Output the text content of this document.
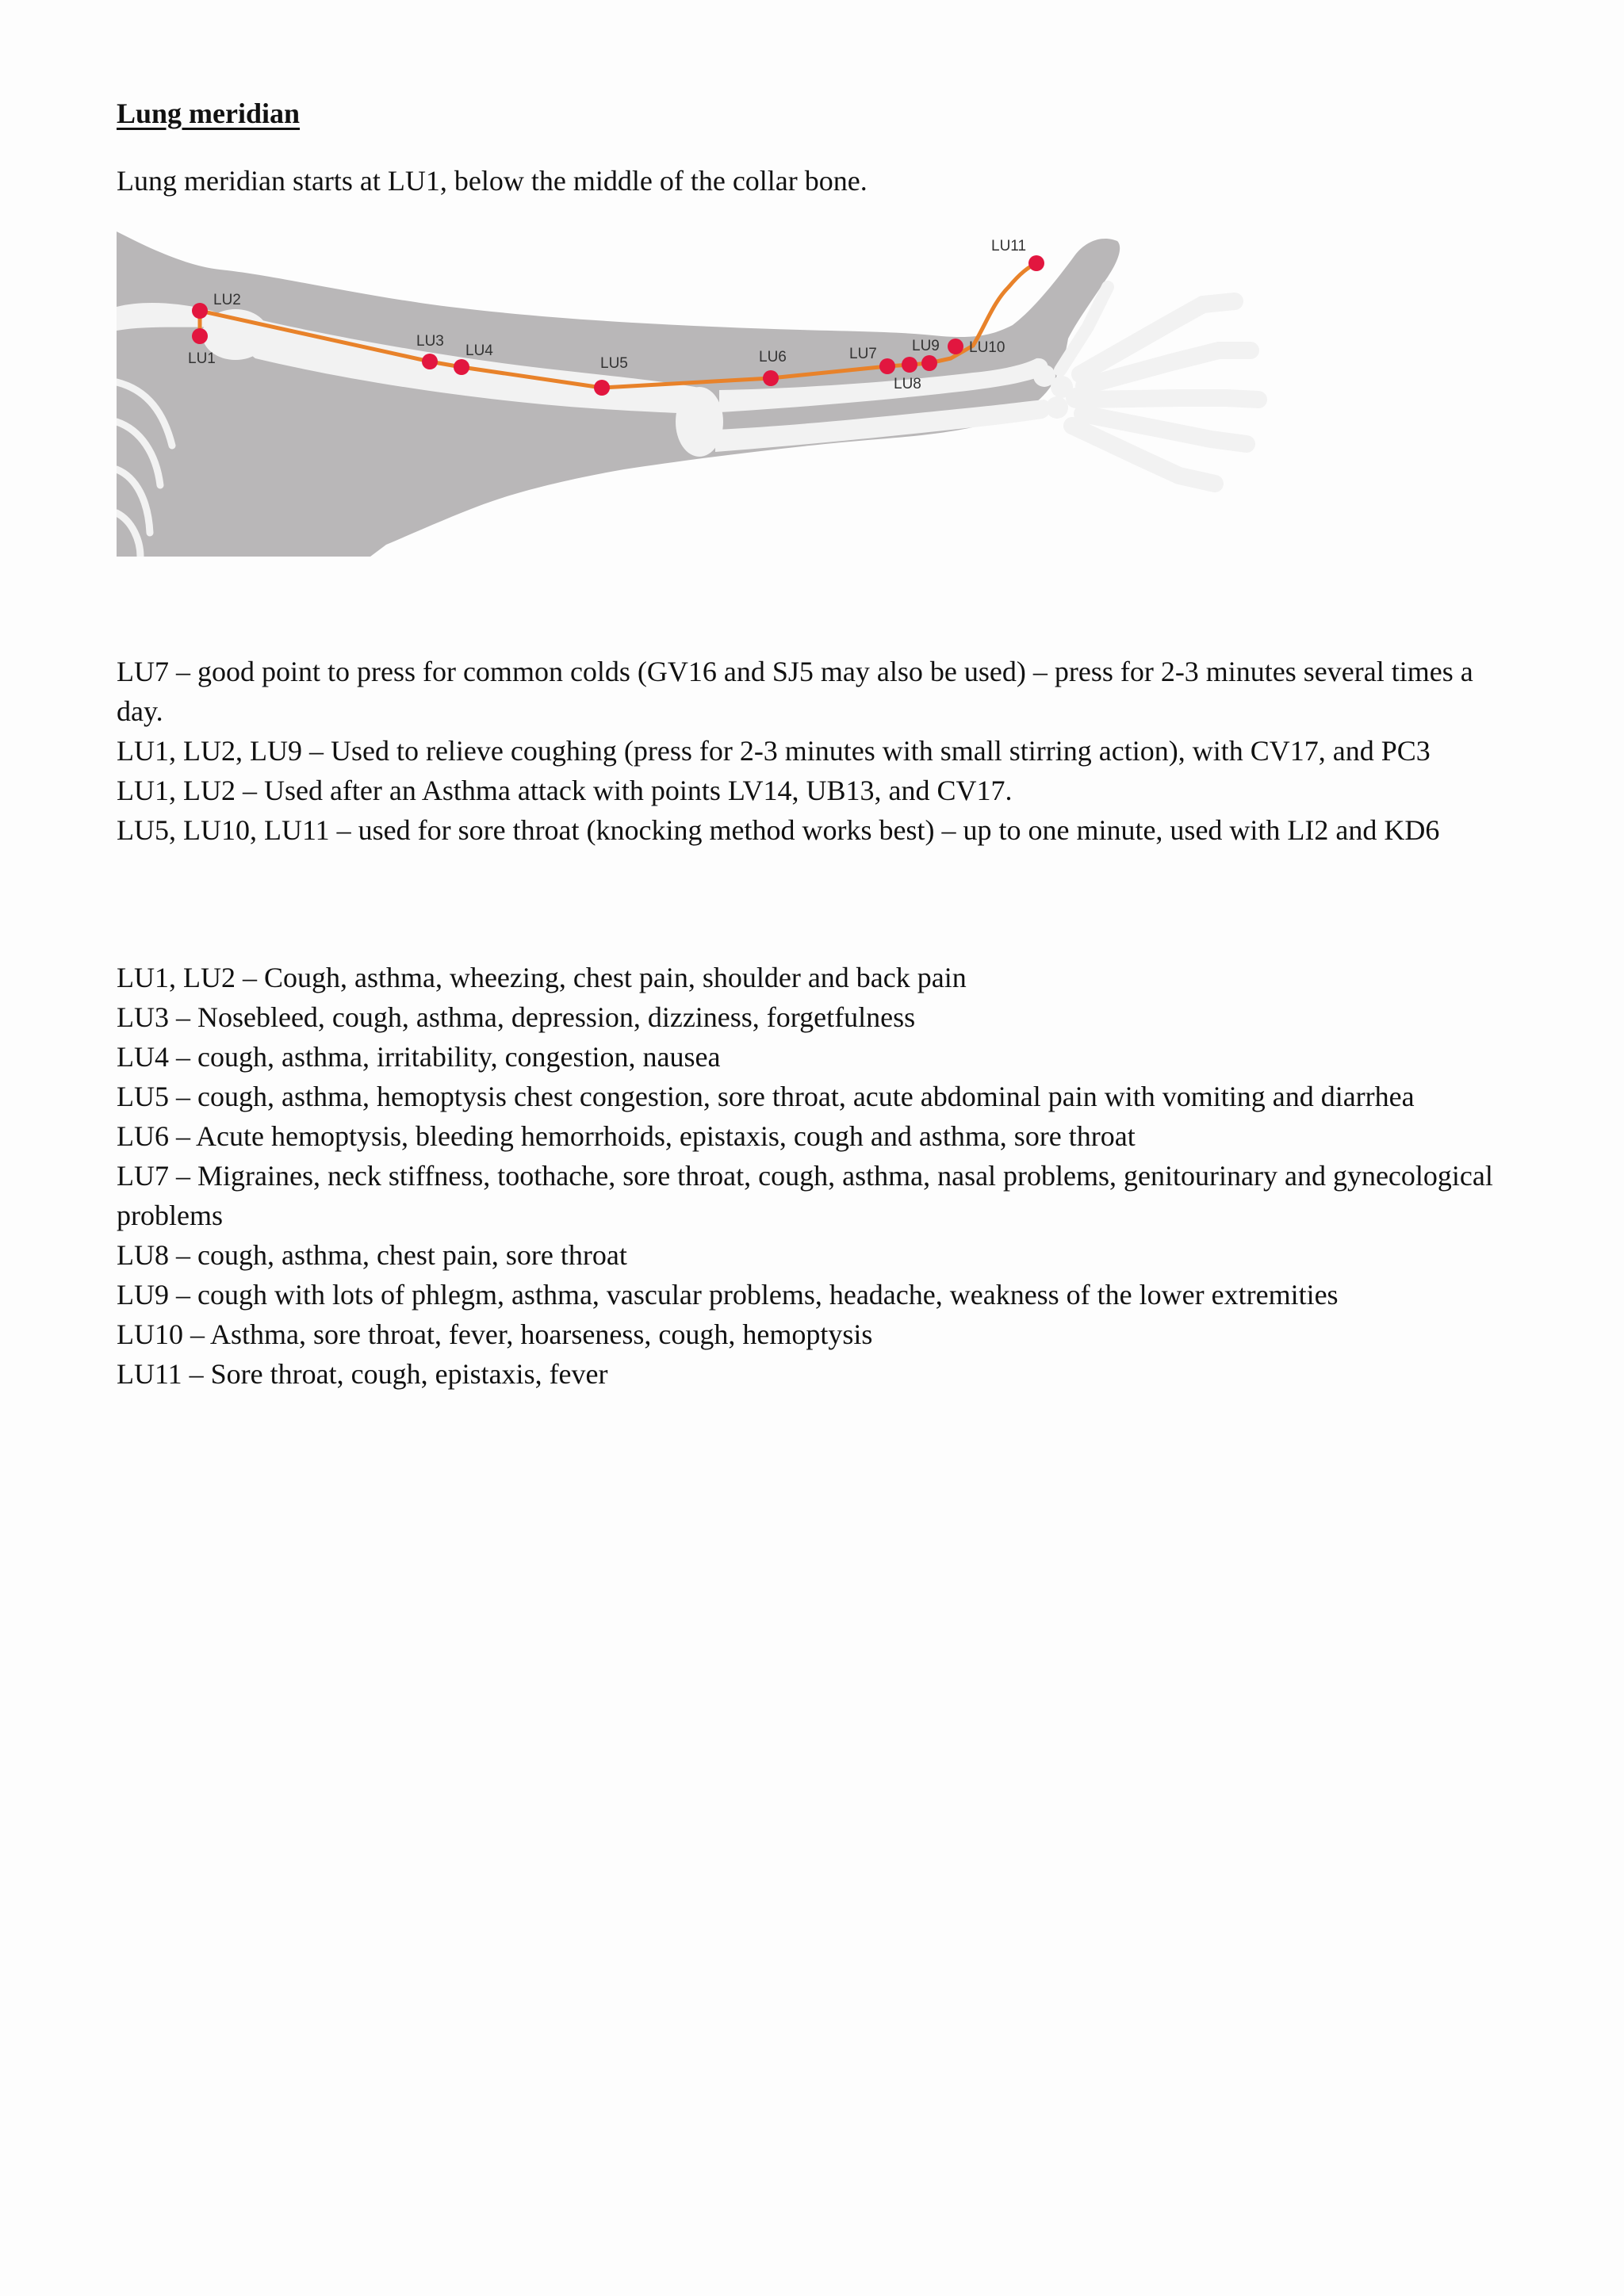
Lung meridian
Lung meridian starts at LU1, below the middle of the collar bone.
LU1
LU2
LU3
LU4
LU5	LU6	LU7
LU8
LU9 LU10
LU11

LU7 – good point to press for common colds (GV16 and SJ5 may also be used) – press for 2-3 minutes several times a day.

LU1, LU2, LU9 – Used to relieve coughing (press for 2-3 minutes with small stirring action), with CV17, and PC3

LU1, LU2 – Used after an Asthma attack with points LV14, UB13, and CV17.

LU5, LU10, LU11 – used for sore throat (knocking method works best) – up to one minute, used with LI2 and KD6

LU1, LU2 – Cough, asthma, wheezing, chest pain, shoulder and back pain

LU3 – Nosebleed, cough, asthma, depression, dizziness, forgetfulness

LU4 – cough, asthma, irritability, congestion, nausea

LU5 – cough, asthma, hemoptysis chest congestion, sore throat, acute abdominal pain with vomiting and diarrhea

LU6 – Acute hemoptysis, bleeding hemorrhoids, epistaxis, cough and asthma, sore throat

LU7 – Migraines, neck stiffness, toothache, sore throat, cough, asthma, nasal problems, genitourinary and gynecological problems

LU8 – cough, asthma, chest pain, sore throat

LU9 – cough with lots of phlegm, asthma, vascular problems, headache, weakness of the lower extremities

LU10 – Asthma, sore throat, fever, hoarseness, cough, hemoptysis

LU11 – Sore throat, cough, epistaxis, fever
